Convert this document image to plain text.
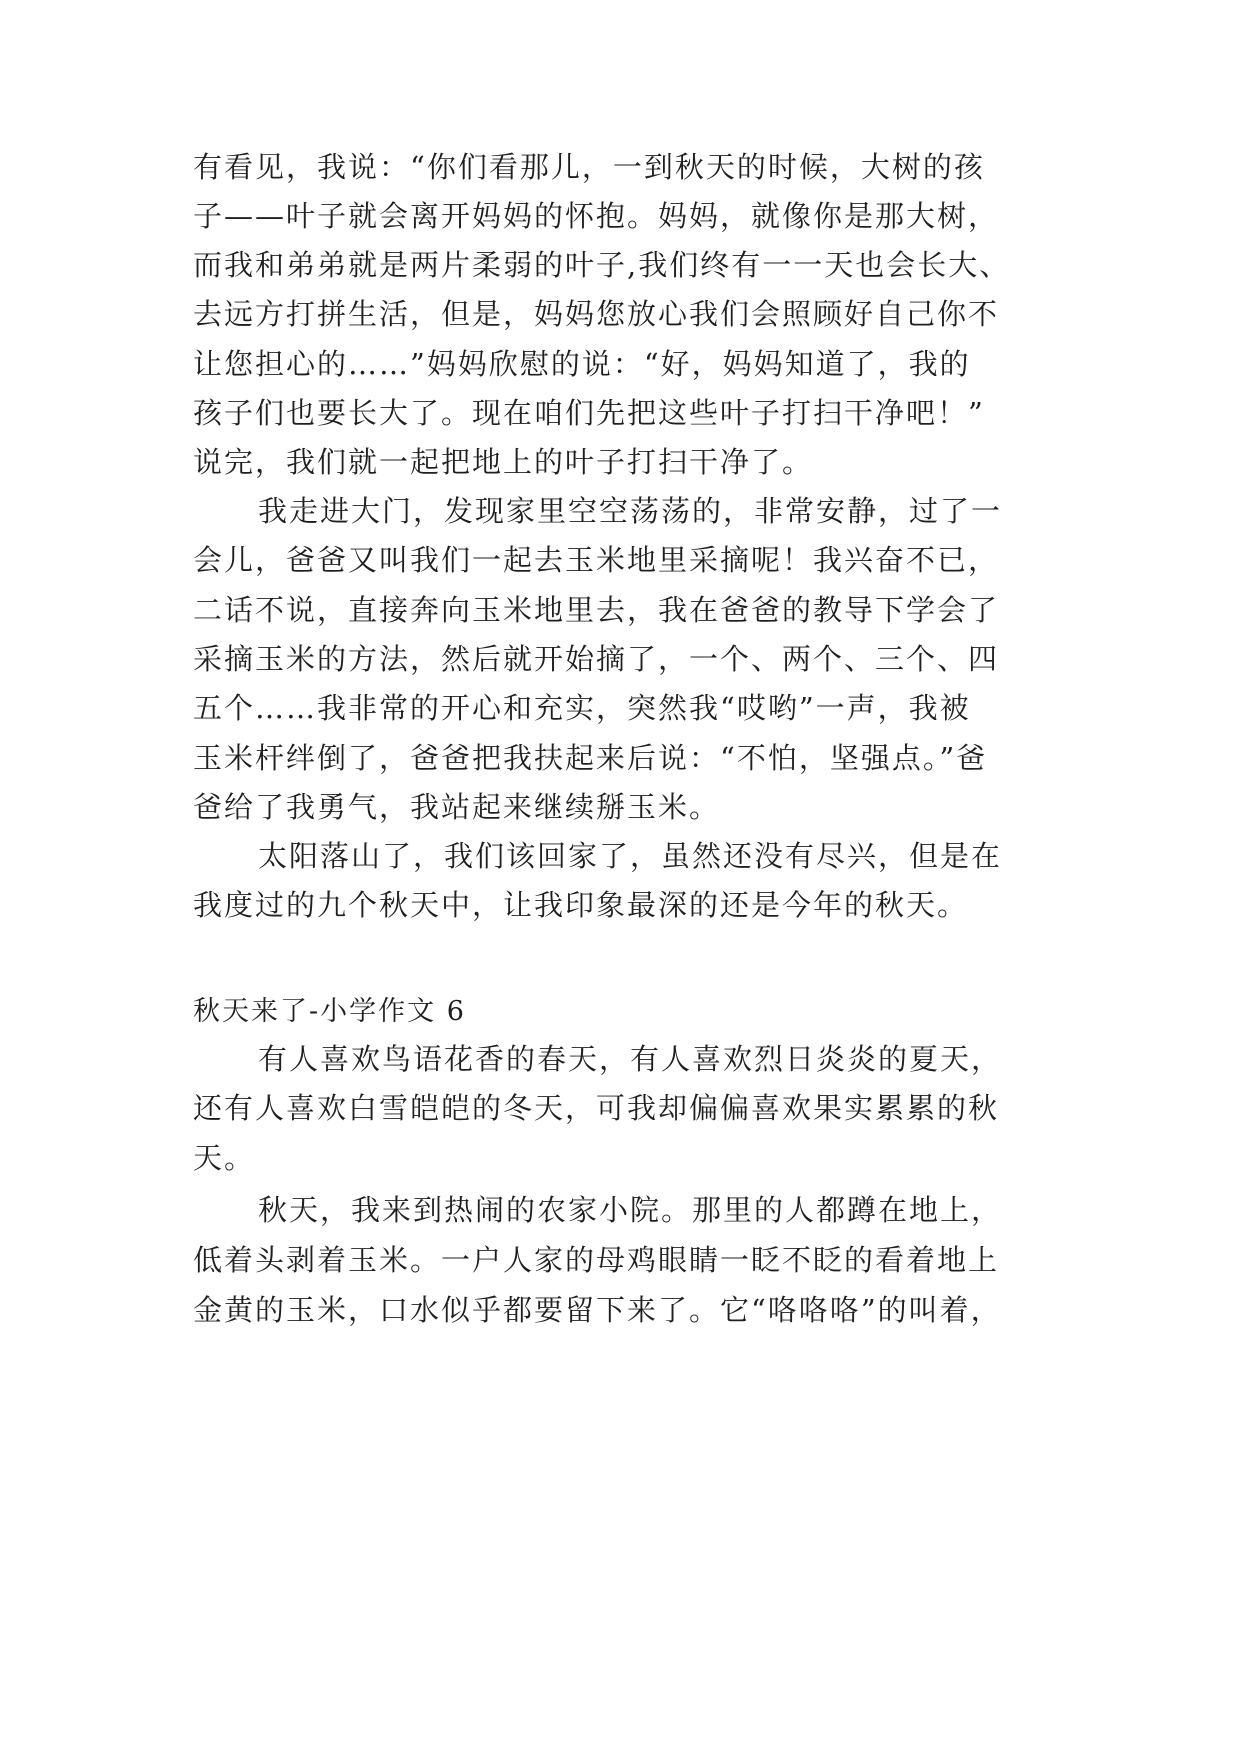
有看见，我说：“你们看那儿，一到秋天的时候，大树的孩
子——叶子就会离开妈妈的怀抱。妈妈，就像你是那大树，
而我和弟弟就是两片柔弱的叶子,我们终有一一天也会长大、
去远方打拼生活，但是，妈妈您放心我们会照顾好自己你不
让您担心的……”妈妈欣慰的说：“好，妈妈知道了，我的
孩子们也要长大了。现在咱们先把这些叶子打扫干净吧！”
说完，我们就一起把地上的叶子打扫干净了。
我走进大门，发现家里空空荡荡的，非常安静，过了一
会儿，爸爸又叫我们一起去玉米地里采摘呢！我兴奋不已，
二话不说，直接奔向玉米地里去，我在爸爸的教导下学会了
采摘玉米的方法，然后就开始摘了，一个、两个、三个、四
五个……我非常的开心和充实，突然我“哎哟”一声，我被
玉米杆绊倒了，爸爸把我扶起来后说：“不怕，坚强点。”爸
爸给了我勇气，我站起来继续掰玉米。
太阳落山了，我们该回家了，虽然还没有尽兴，但是在
我度过的九个秋天中，让我印象最深的还是今年的秋天。
秋天来了-小学作文 6
有人喜欢鸟语花香的春天，有人喜欢烈日炎炎的夏天，
还有人喜欢白雪皑皑的冬天，可我却偏偏喜欢果实累累的秋
天。
秋天，我来到热闹的农家小院。那里的人都蹲在地上，
低着头剥着玉米。一户人家的母鸡眼睛一眨不眨的看着地上
金黄的玉米，口水似乎都要留下来了。它“咯咯咯”的叫着，
